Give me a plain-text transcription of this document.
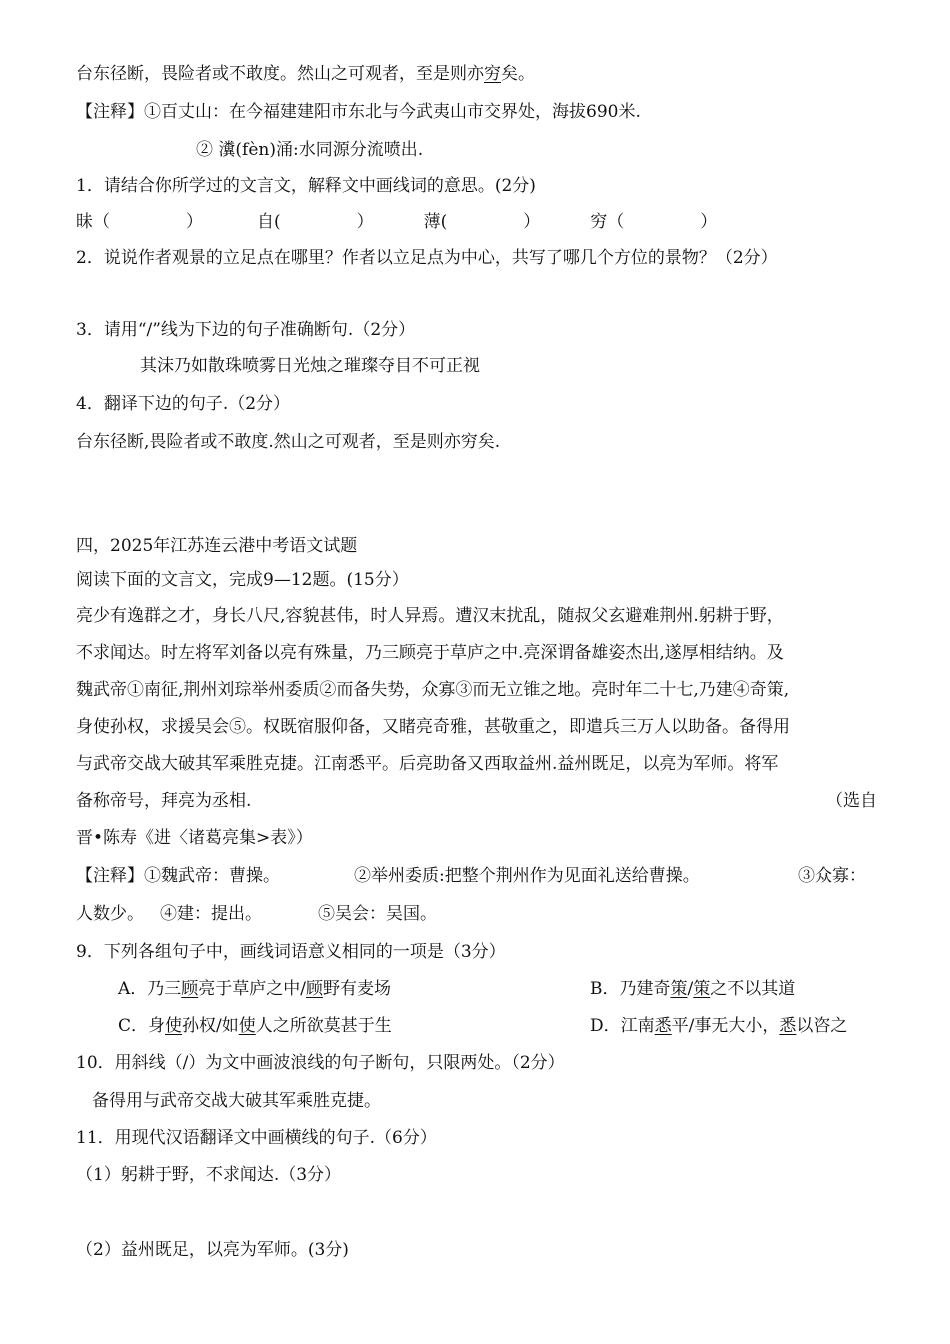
台东径断，畏险者或不敢度。然山之可观者，至是则亦穷矣。
【注释】①百丈山：在今福建建阳市东北与今武夷山市交界处，海拔690米.
② 瀵(fèn)涌:水同源分流喷出.
1．请结合你所学过的文言文，解释文中画线词的意思。(2分)
昧（	）	自(	）	薄(	）	穷（	）
2．说说作者观景的立足点在哪里？作者以立足点为中心，共写了哪几个方位的景物？（2分）
3．请用“/”线为下边的句子准确断句.（2分）
其沫乃如散珠喷雾日光烛之璀璨夺目不可正视
4．翻译下边的句子.（2分）
台东径断,畏险者或不敢度.然山之可观者，至是则亦穷矣.
四，2025年江苏连云港中考语文试题
阅读下面的文言文，完成9—12题。(15分）
亮少有逸群之才，身长八尺,容貌甚伟，时人异焉。遭汉末扰乱，随叔父玄避难荆州.躬耕于野，
不求闻达。时左将军刘备以亮有殊量，乃三顾亮于草庐之中.亮深谓备雄姿杰出,遂厚相结纳。及
魏武帝①南征,荆州刘琮举州委质②而备失势，众寡③而无立锥之地。亮时年二十七,乃建④奇策,
身使孙权，求援吴会⑤。权既宿服仰备，又睹亮奇雅，甚敬重之，即遣兵三万人以助备。备得用
与武帝交战大破其军乘胜克捷。江南悉平。后亮助备又西取益州.益州既足，以亮为军师。将军
备称帝号，拜亮为丞相.	（选自
晋•陈寿《进〈诸葛亮集>表》）
【注释】①魏武帝：曹操。	②举州委质:把整个荆州作为见面礼送给曹操。	③众寡：
人数少。 ④建：提出。	⑤吴会：吴国。
9．下列各组句子中，画线词语意义相同的一项是（3分）
A．乃三顾亮于草庐之中/顾野有麦场	B．乃建奇策/策之不以其道
C．身使孙权/如使人之所欲莫甚于生	D．江南悉平/事无大小，悉以咨之
10．用斜线（/）为文中画波浪线的句子断句，只限两处。（2分）
备得用与武帝交战大破其军乘胜克捷。
11．用现代汉语翻译文中画横线的句子.（6分）
（1）躬耕于野，不求闻达.（3分）
（2）益州既足，以亮为军师。(3分)
